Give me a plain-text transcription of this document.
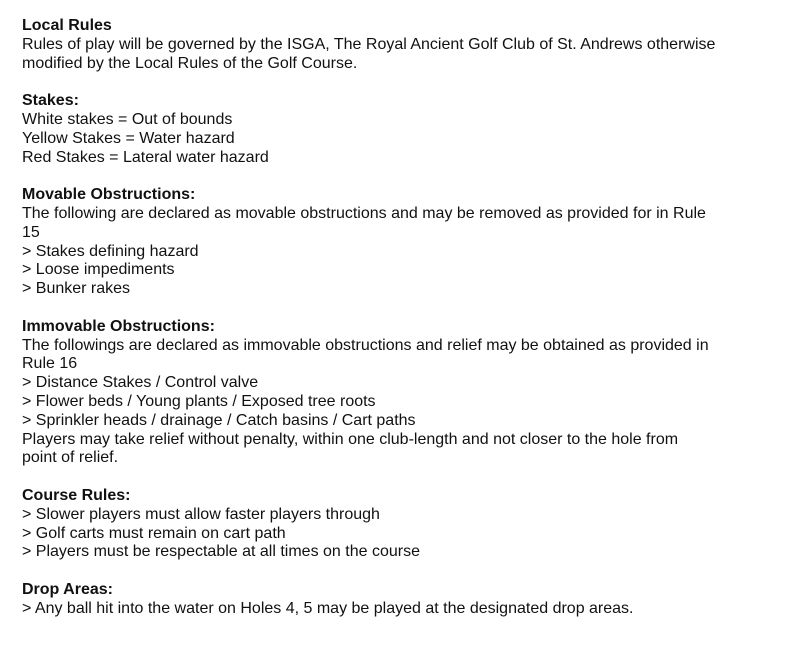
Local Rules
Rules of play will be governed by the ISGA, The Royal Ancient Golf Club of St. Andrews otherwise
modified by the Local Rules of the Golf Course.
Stakes:
White stakes = Out of bounds
Yellow Stakes = Water hazard
Red Stakes = Lateral water hazard
Movable Obstructions:
The following are declared as movable obstructions and may be removed as provided for in Rule
15
> Stakes defining hazard
> Loose impediments
> Bunker rakes
Immovable Obstructions:
The followings are declared as immovable obstructions and relief may be obtained as provided in
Rule 16
> Distance Stakes / Control valve
> Flower beds / Young plants / Exposed tree roots
> Sprinkler heads / drainage / Catch basins / Cart paths
Players may take relief without penalty, within one club-length and not closer to the hole from
point of relief.
Course Rules:
> Slower players must allow faster players through
> Golf carts must remain on cart path
> Players must be respectable at all times on the course
Drop Areas:
> Any ball hit into the water on Holes 4, 5 may be played at the designated drop areas.
